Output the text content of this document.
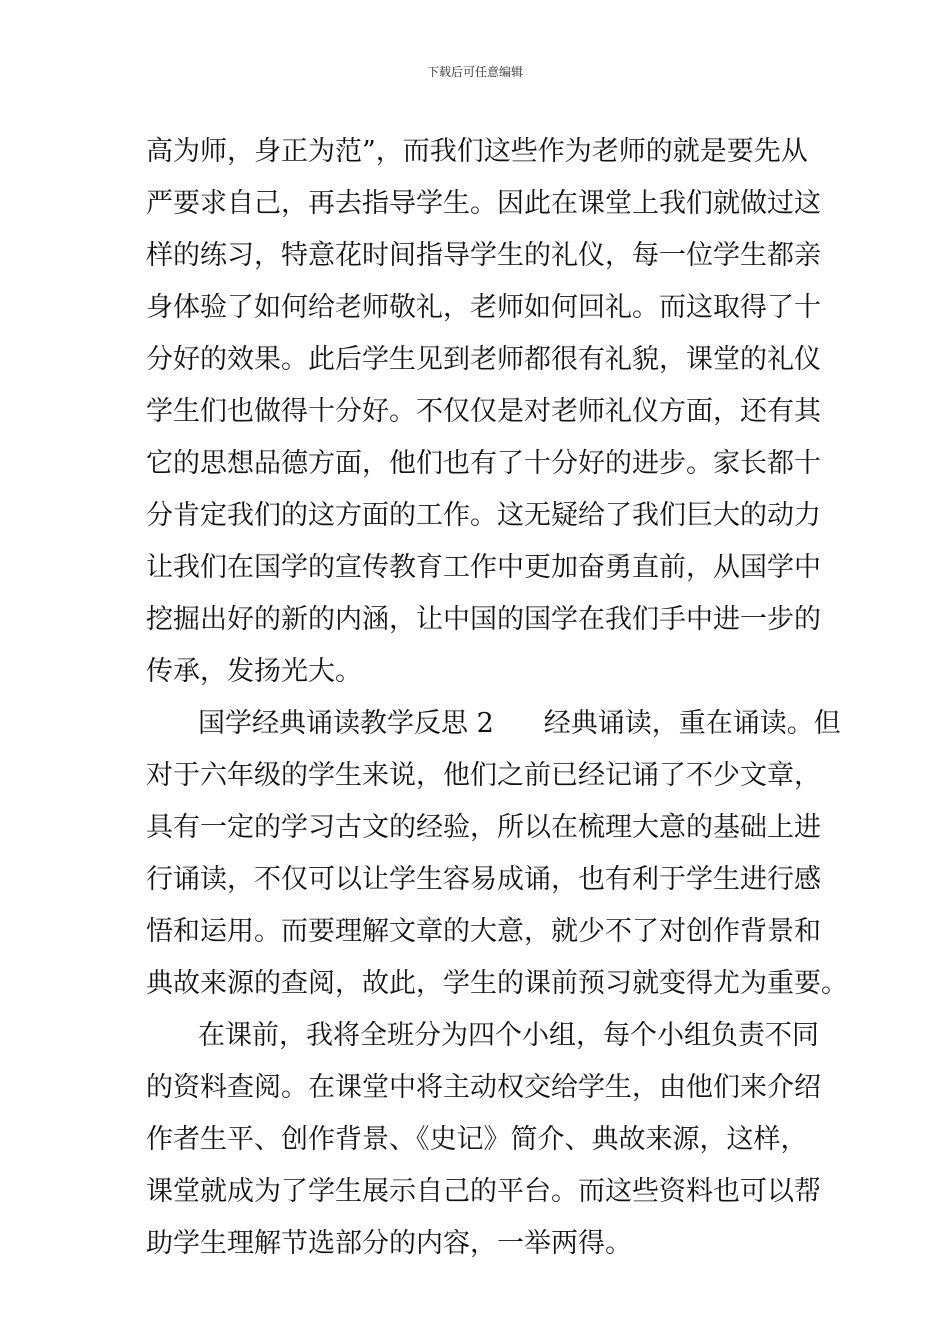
下载后可任意编辑
高为师，身正为范”，而我们这些作为老师的就是要先从
严要求自己，再去指导学生。因此在课堂上我们就做过这
样的练习，特意花时间指导学生的礼仪，每一位学生都亲
身体验了如何给老师敬礼，老师如何回礼。而这取得了十
分好的效果。此后学生见到老师都很有礼貌，课堂的礼仪
学生们也做得十分好。不仅仅是对老师礼仪方面，还有其
它的思想品德方面，他们也有了十分好的进步。家长都十
分肯定我们的这方面的工作。这无疑给了我们巨大的动力
让我们在国学的宣传教育工作中更加奋勇直前，从国学中
挖掘出好的新的内涵，让中国的国学在我们手中进一步的
传承，发扬光大。
国学经典诵读教学反思 2 经典诵读，重在诵读。但
对于六年级的学生来说，他们之前已经记诵了不少文章，
具有一定的学习古文的经验，所以在梳理大意的基础上进
行诵读，不仅可以让学生容易成诵，也有利于学生进行感
悟和运用。而要理解文章的大意，就少不了对创作背景和
典故来源的查阅，故此，学生的课前预习就变得尤为重要。
在课前，我将全班分为四个小组，每个小组负责不同
的资料查阅。在课堂中将主动权交给学生，由他们来介绍
作者生平、创作背景、《史记》简介、典故来源，这样，
课堂就成为了学生展示自己的平台。而这些资料也可以帮
助学生理解节选部分的内容，一举两得。
